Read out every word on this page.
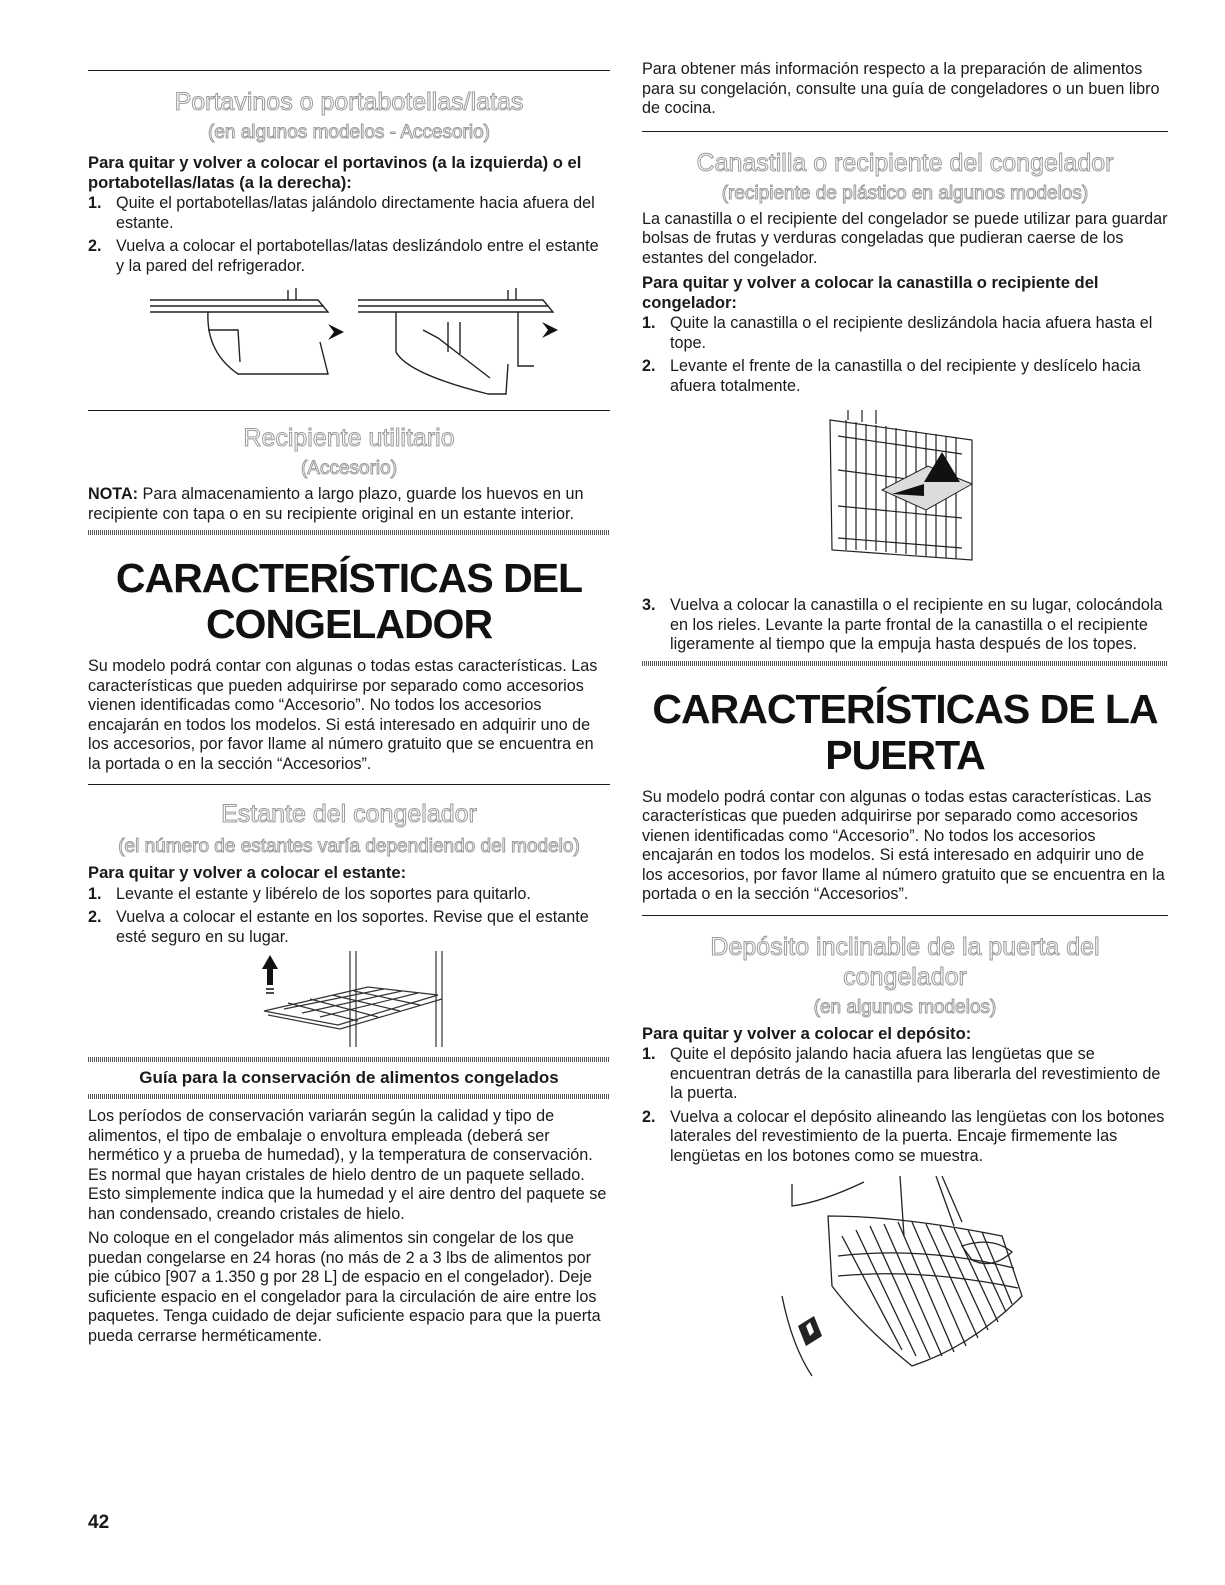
Portavinos o portabotellas/latas
(en algunos modelos - Accesorio)

Para quitar y volver a colocar el portavinos (a la izquierda) o el portabotellas/latas (a la derecha):

1. Quite el portabotellas/latas jalándolo directamente hacia afuera del estante.
2. Vuelva a colocar el portabotellas/latas deslizándolo entre el estante y la pared del refrigerador.
Recipiente utilitario
(Accesorio)

NOTA: Para almacenamiento a largo plazo, guarde los huevos en un recipiente con tapa o en su recipiente original en un estante interior.

CARACTERÍSTICAS DEL
CONGELADOR

Su modelo podrá contar con algunas o todas estas características. Las características que pueden adquirirse por separado como accesorios vienen identificadas como “Accesorio”. No todos los accesorios encajarán en todos los modelos. Si está interesado en adquirir uno de los accesorios, por favor llame al número gratuito que se encuentra en la portada o en la sección “Accesorios”.

Estante del congelador
(el número de estantes varía dependiendo del modelo)

Para quitar y volver a colocar el estante:

1. Levante el estante y libérelo de los soportes para quitarlo.
2. Vuelva a colocar el estante en los soportes. Revise que el estante esté seguro en su lugar.
Guía para la conservación de alimentos congelados

Los períodos de conservación variarán según la calidad y tipo de alimentos, el tipo de embalaje o envoltura empleada (deberá ser hermético y a prueba de humedad), y la temperatura de conservación. Es normal que hayan cristales de hielo dentro de un paquete sellado. Esto simplemente indica que la humedad y el aire dentro del paquete se han condensado, creando cristales de hielo.

No coloque en el congelador más alimentos sin congelar de los que puedan congelarse en 24 horas (no más de 2 a 3 lbs de alimentos por pie cúbico [907 a 1.350 g por 28 L] de espacio en el congelador). Deje suficiente espacio en el congelador para la circulación de aire entre los paquetes. Tenga cuidado de dejar suficiente espacio para que la puerta pueda cerrarse herméticamente.

Para obtener más información respecto a la preparación de alimentos para su congelación, consulte una guía de congeladores o un buen libro de cocina.

Canastilla o recipiente del congelador
(recipiente de plástico en algunos modelos)

La canastilla o el recipiente del congelador se puede utilizar para guardar bolsas de frutas y verduras congeladas que pudieran caerse de los estantes del congelador.

Para quitar y volver a colocar la canastilla o recipiente del congelador:

1. Quite la canastilla o el recipiente deslizándola hacia afuera hasta el tope.
2. Levante el frente de la canastilla o del recipiente y deslícelo hacia afuera totalmente.
3. Vuelva a colocar la canastilla o el recipiente en su lugar, colocándola en los rieles. Levante la parte frontal de la canastilla o el recipiente ligeramente al tiempo que la empuja hasta después de los topes.
CARACTERÍSTICAS DE LA
PUERTA

Su modelo podrá contar con algunas o todas estas características. Las características que pueden adquirirse por separado como accesorios vienen identificadas como “Accesorio”. No todos los accesorios encajarán en todos los modelos. Si está interesado en adquirir uno de los accesorios, por favor llame al número gratuito que se encuentra en la portada o en la sección “Accesorios”.

Depósito inclinable de la puerta del
congelador
(en algunos modelos)

Para quitar y volver a colocar el depósito:

1. Quite el depósito jalando hacia afuera las lengüetas que se encuentran detrás de la canastilla para liberarla del revestimiento de la puerta.
2. Vuelva a colocar el depósito alineando las lengüetas con los botones laterales del revestimiento de la puerta. Encaje firmemente las lengüetas en los botones como se muestra.
42
